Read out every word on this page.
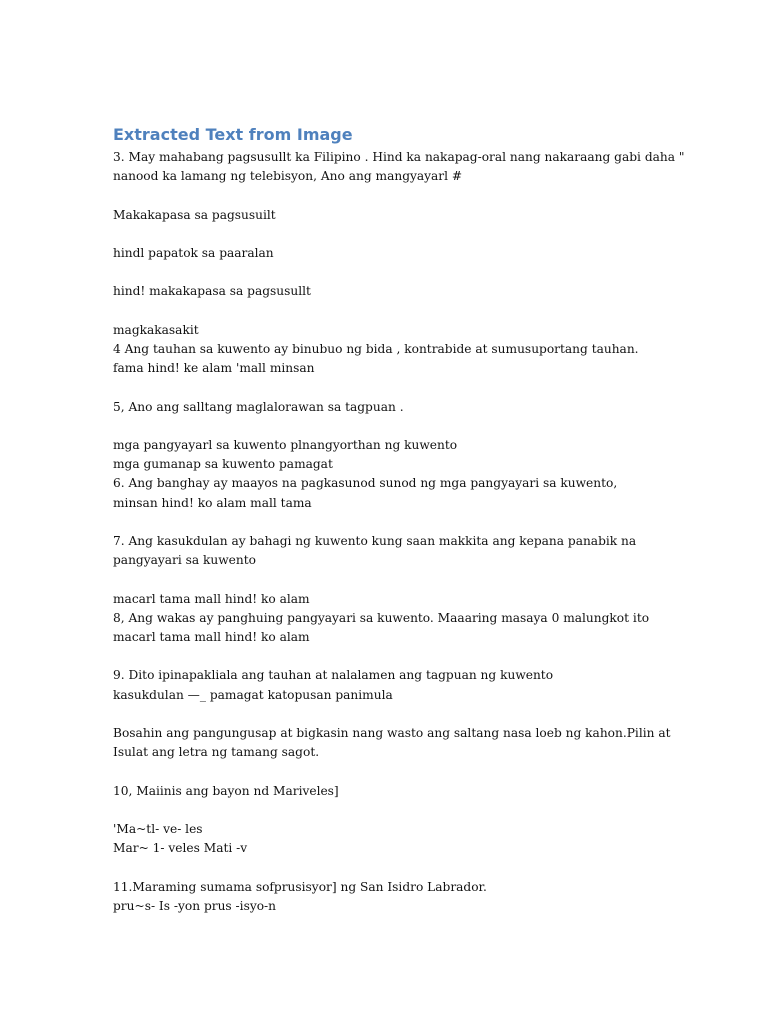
Extracted Text from Image

3. May mahabang pagsusullt ka Filipino . Hind ka nakapag-oral nang nakaraang gabi daha "

nanood ka lamang ng telebisyon, Ano ang mangyayarl #

Makakapasa sa pagsusuilt

hindl papatok sa paaralan

hind! makakapasa sa pagsusullt

magkakasakit

4 Ang tauhan sa kuwento ay binubuo ng bida , kontrabide at sumusuportang tauhan.

fama hind! ke alam 'mall minsan

5, Ano ang salltang maglalorawan sa tagpuan .

mga pangyayarl sa kuwento plnangyorthan ng kuwento

mga gumanap sa kuwento pamagat

6. Ang banghay ay maayos na pagkasunod sunod ng mga pangyayari sa kuwento,

minsan hind! ko alam mall tama

7. Ang kasukdulan ay bahagi ng kuwento kung saan makkita ang kepana panabik na

pangyayari sa kuwento

macarl tama mall hind! ko alam

8, Ang wakas ay panghuing pangyayari sa kuwento. Maaaring masaya 0 malungkot ito

macarl tama mall hind! ko alam

9. Dito ipinapakliala ang tauhan at nalalamen ang tagpuan ng kuwento

kasukdulan —_ pamagat katopusan panimula

Bosahin ang pangungusap at bigkasin nang wasto ang saltang nasa loeb ng kahon.Pilin at

Isulat ang letra ng tamang sagot.

10, Maiinis ang bayon nd Mariveles]

'Ma~tl- ve- les

Mar~ 1- veles Mati -v

11.Maraming sumama sofprusisyor] ng San Isidro Labrador.

pru~s- Is -yon prus -isyo-n
